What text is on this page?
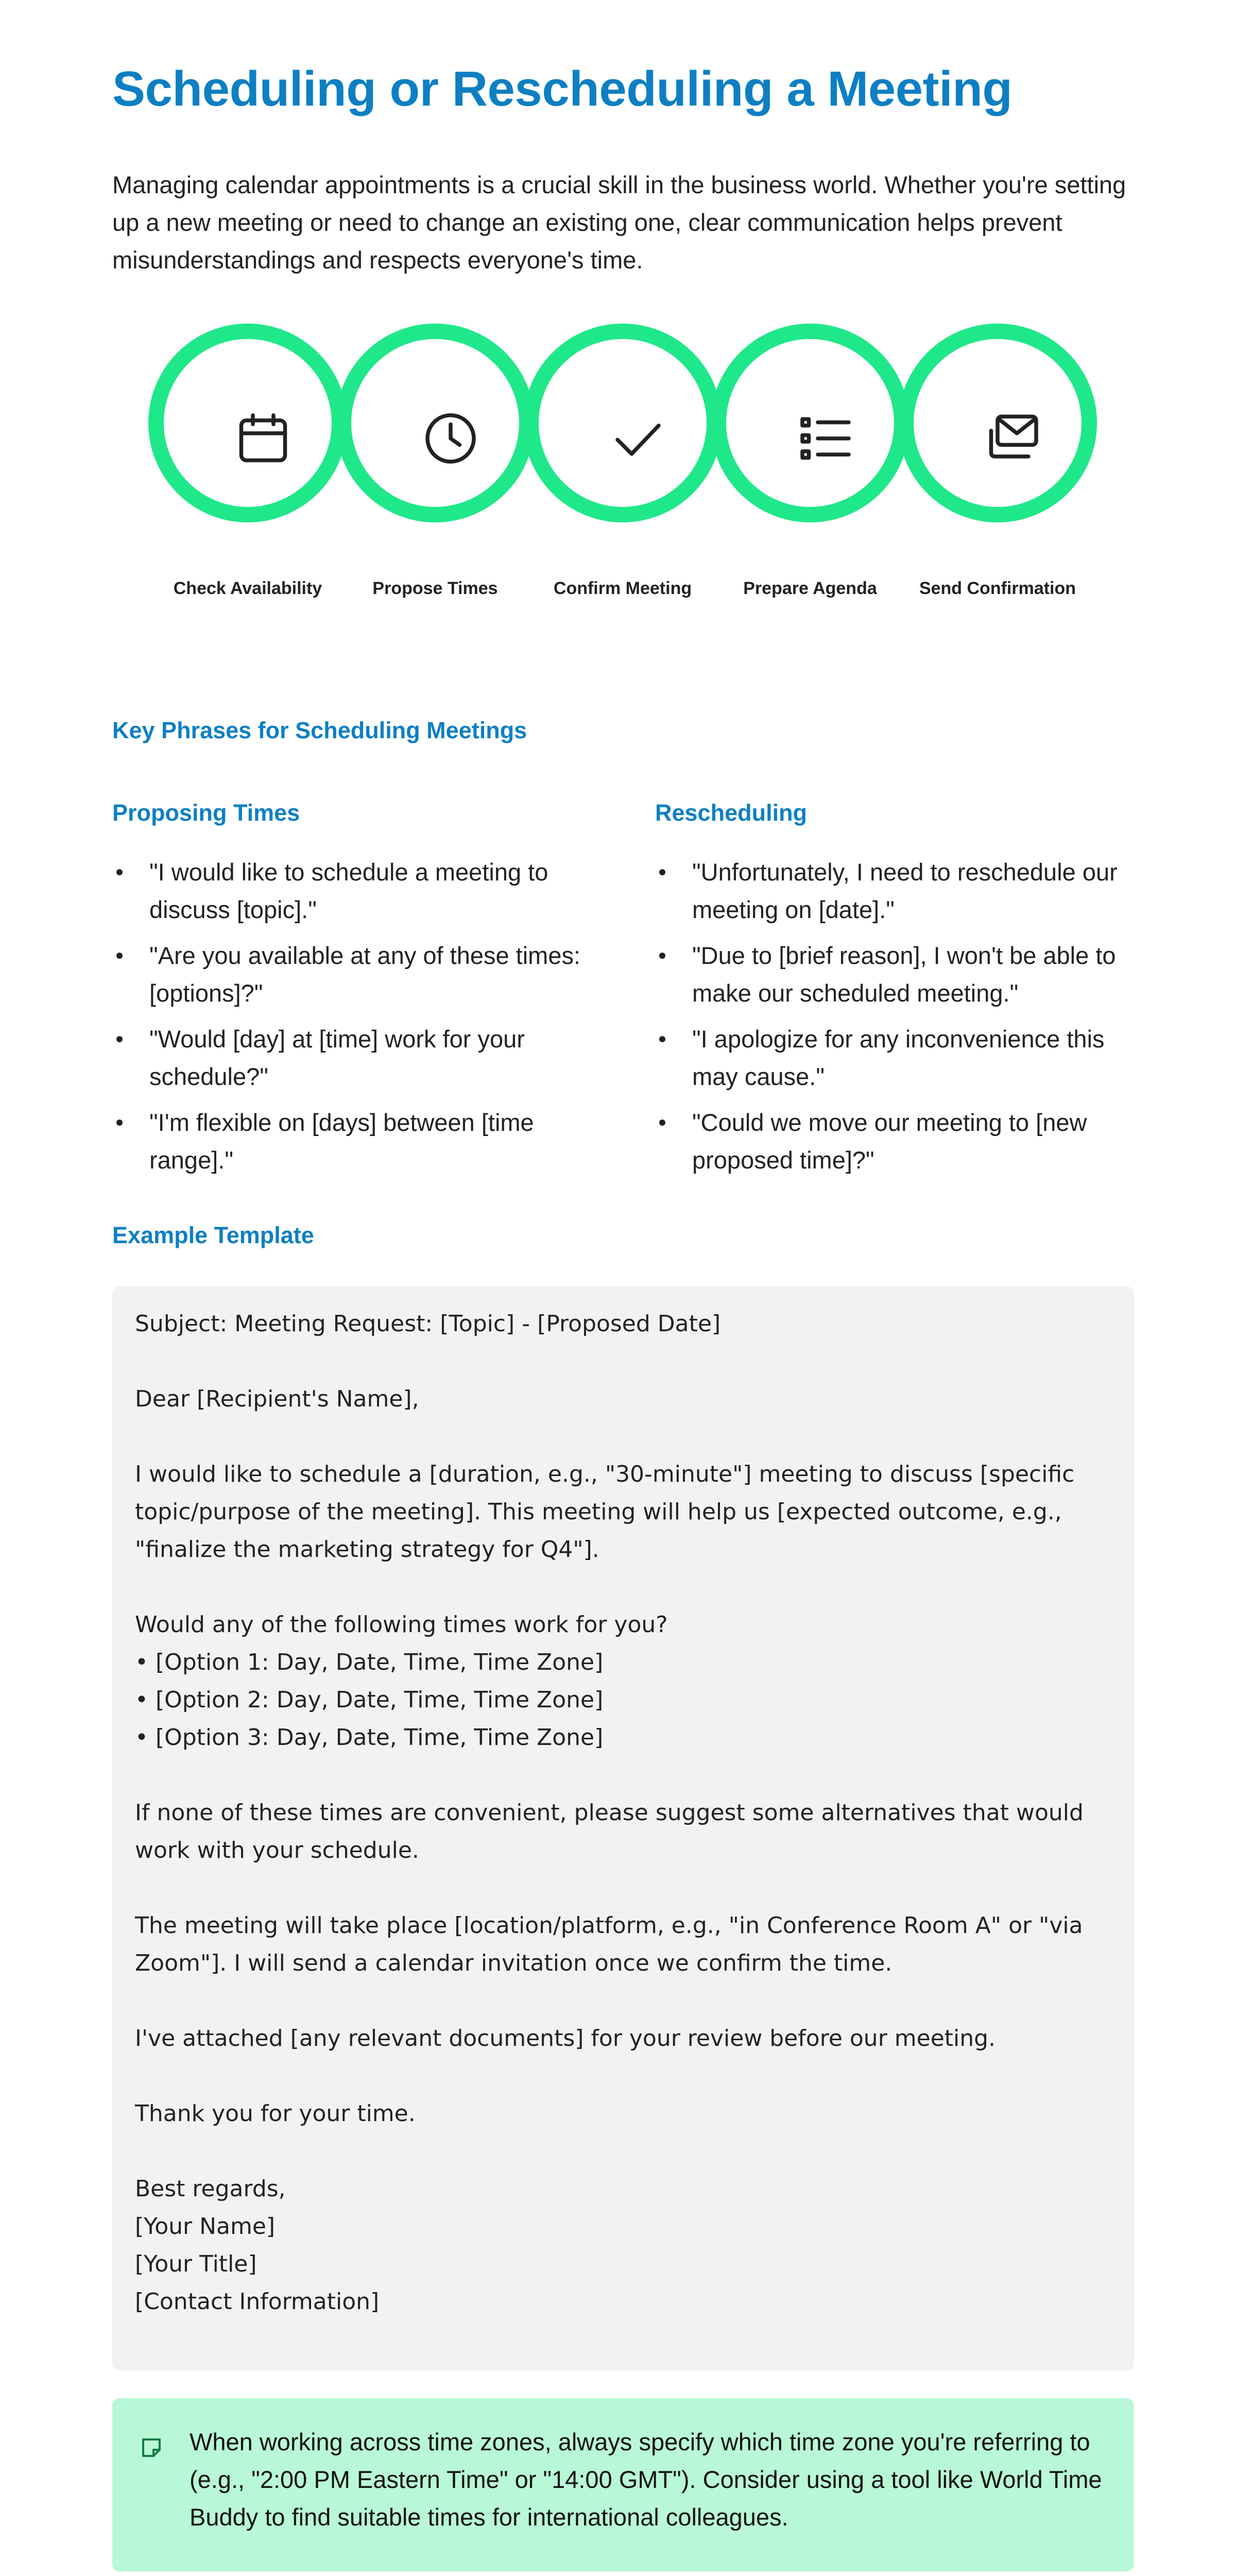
Scheduling or Rescheduling a Meeting

Managing calendar appointments is a crucial skill in the business world. Whether you're setting up a new meeting or need to change an existing one, clear communication helps prevent misunderstandings and respects everyone's time.

Check Availability	Propose Times	Confirm Meeting	Prepare Agenda	Send Confirmation
Key Phrases for Scheduling Meetings
Proposing Times
"I would like to schedule a meeting to discuss [topic]."
"Are you available at any of these times: [options]?"
"Would [day] at [time] work for your schedule?"
"I'm flexible on [days] between [time range]."
Rescheduling
"Unfortunately, I need to reschedule our meeting on [date]."
"Due to [brief reason], I won't be able to make our scheduled meeting."
"I apologize for any inconvenience this may cause."
"Could we move our meeting to [new proposed time]?"
Example Template

Subject: Meeting Request: [Topic] - [Proposed Date]

Dear [Recipient's Name],

I would like to schedule a [duration, e.g., "30-minute"] meeting to discuss [specific topic/purpose of the meeting]. This meeting will help us [expected outcome, e.g., "finalize the marketing strategy for Q4"].

Would any of the following times work for you?

• [Option 1: Day, Date, Time, Time Zone]

• [Option 2: Day, Date, Time, Time Zone]

• [Option 3: Day, Date, Time, Time Zone]

If none of these times are convenient, please suggest some alternatives that would work with your schedule.

The meeting will take place [location/platform, e.g., "in Conference Room A" or "via Zoom"]. I will send a calendar invitation once we confirm the time.

I've attached [any relevant documents] for your review before our meeting.

Thank you for your time.

Best regards,

[Your Name]

[Your Title]

[Contact Information]

When working across time zones, always specify which time zone you're referring to (e.g., "2:00 PM Eastern Time" or "14:00 GMT"). Consider using a tool like World Time Buddy to find suitable times for international colleagues.
